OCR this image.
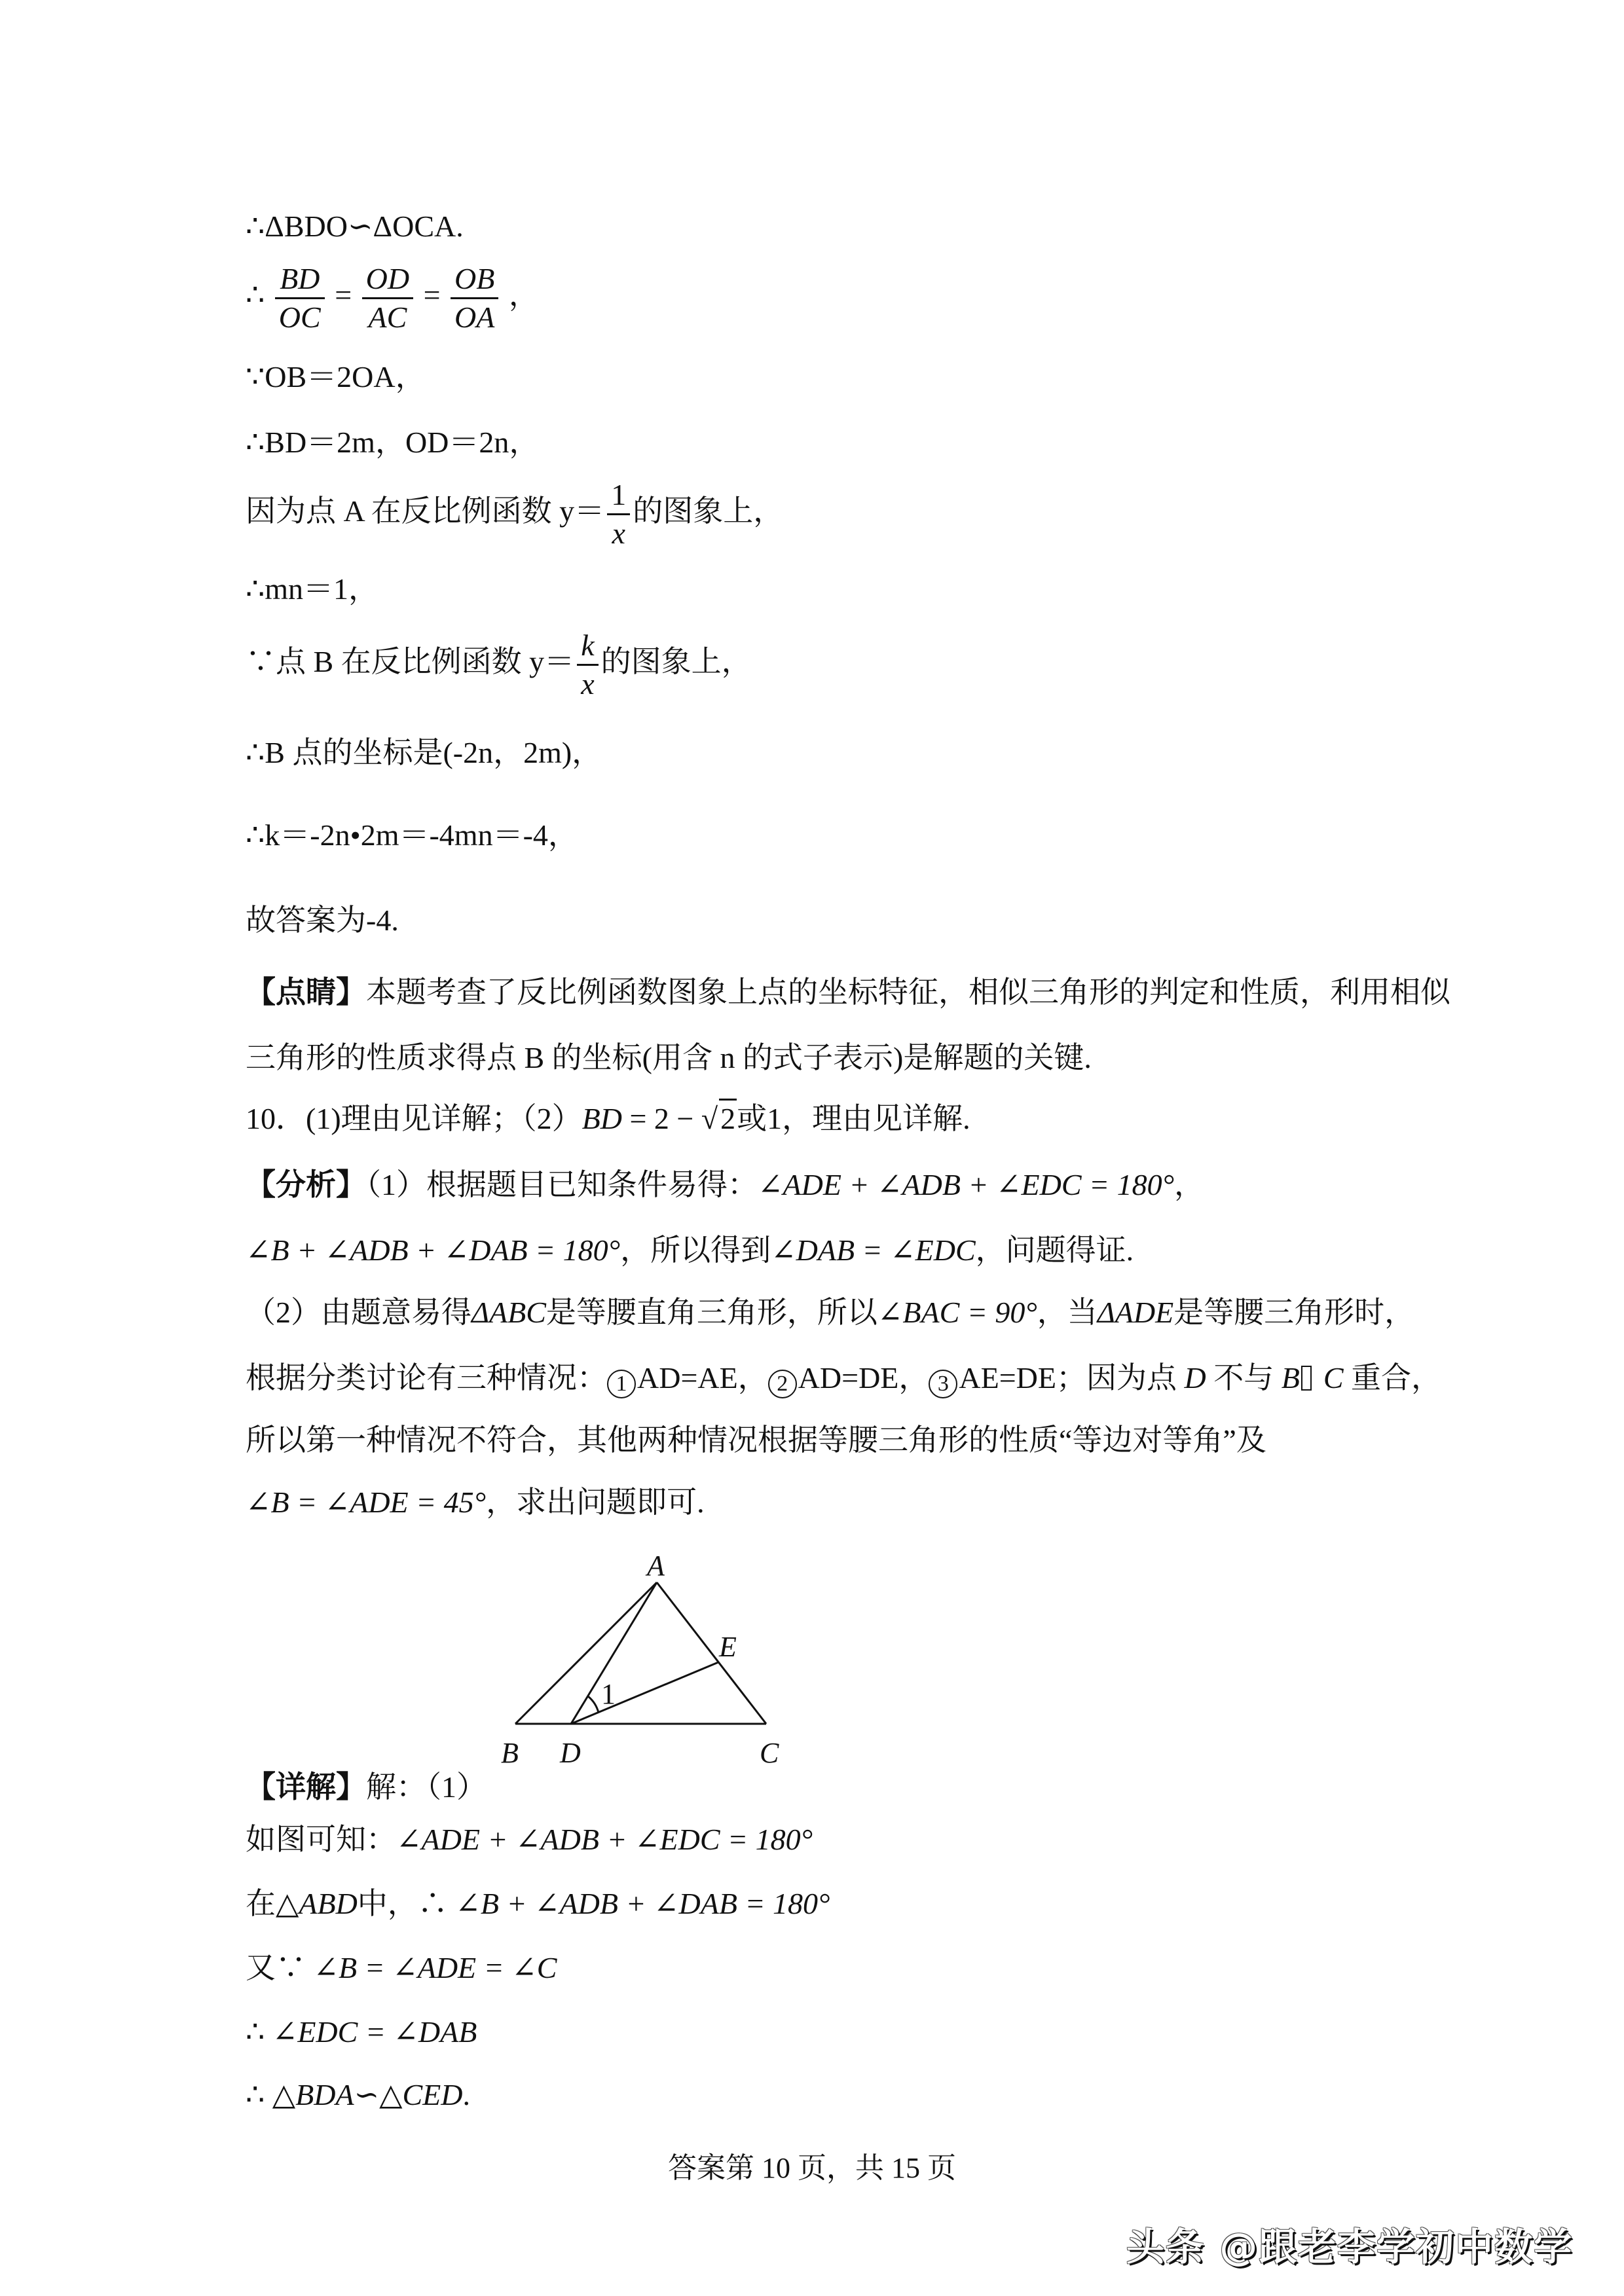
∴ΔBDO∽ΔOCA.
∴ $\frac{BD}{OC} = \frac{OD}{AC} = \frac{OB}{OA}$ ，
∵OB＝2OA，
∴BD＝2m，OD＝2n，
因为点 A 在反比例函数 $y= \frac{1}{x}$ 的图象上，
∴mn＝1，
∵点 B 在反比例函数 $y= \frac{k}{x}$ 的图象上，
∴B 点的坐标是(-2n，2m)，
∴k＝-2n•2m＝-4mn＝-4，
故答案为-4.
【点睛】本题考查了反比例函数图象上点的坐标特征，相似三角形的判定和性质，利用相似
三角形的性质求得点 B 的坐标(用含 n 的式子表示)是解题的关键.
10．(1)理由见详解；（2）BD = 2 − √2或1，理由见详解.
【分析】（1）根据题目已知条件易得：∠ADE + ∠ADB + ∠EDC = 180°，
∠B + ∠ADB + ∠DAB = 180°，所以得到∠DAB = ∠EDC，问题得证.
（2）由题意易得ΔABC是等腰直角三角形，所以∠BAC = 90°，当ΔADE是等腰三角形时，
根据分类讨论有三种情况： 1 AD=AE， 2 AD=DE， 3 AE=DE；因为点 D 不与 B C 重合，
所以第一种情况不符合，其他两种情况根据等腰三角形的性质“等边对等角”及
∠B = ∠ADE = 45°，求出问题即可.
A
B D	C
E
1
【详解】解：（1）
如图可知：∠ADE + ∠ADB + ∠EDC = 180°
在△ABD中，∴ ∠B + ∠ADB + ∠DAB = 180°
又∵ ∠B = ∠ADE = ∠C
∴ ∠EDC = ∠DAB
∴ △BDA∽△CED.
答案第 10 页，共 15 页
头条 @跟老李学初中数学
